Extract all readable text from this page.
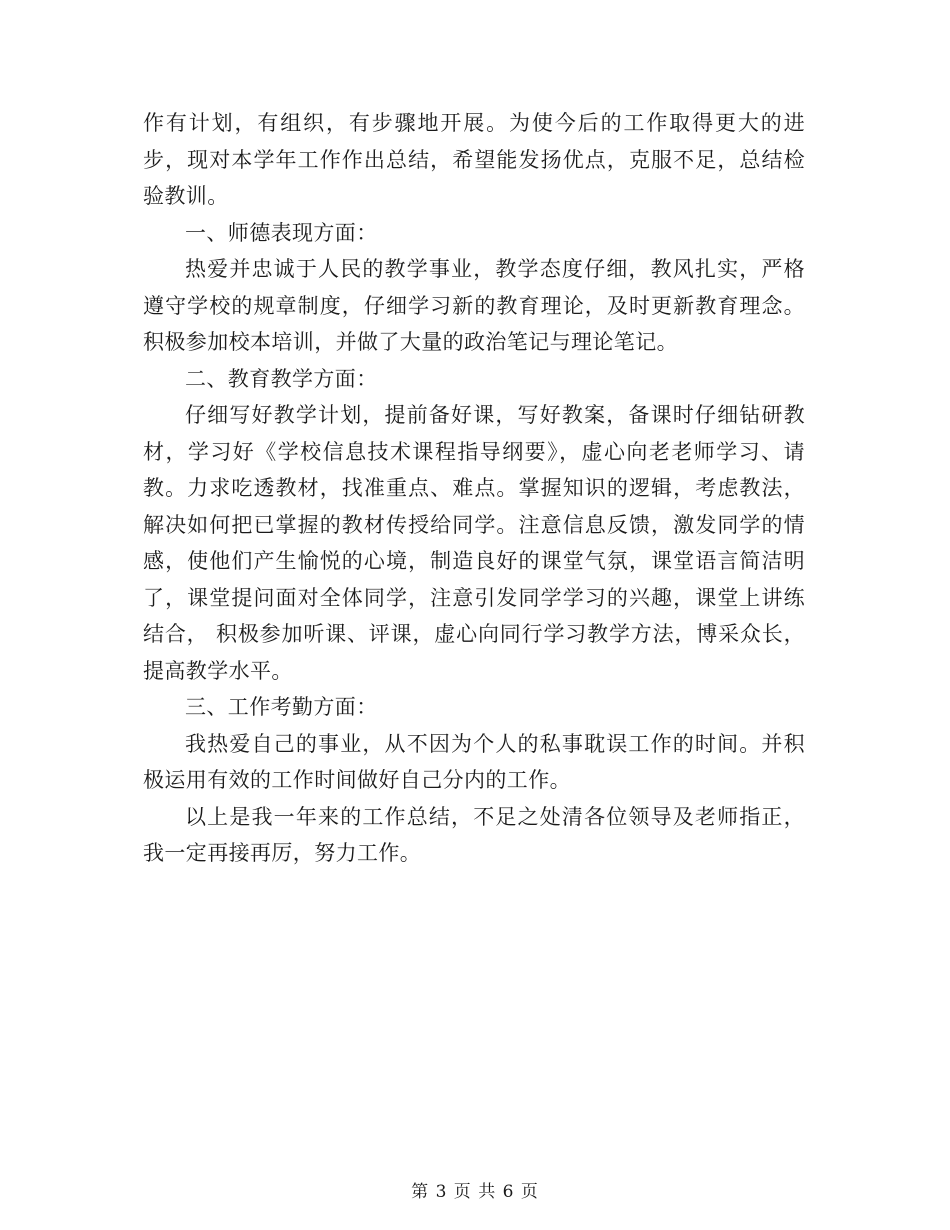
作有计划，有组织，有步骤地开展。为使今后的工作取得更大的进步，现对本学年工作作出总结，希望能发扬优点，克服不足，总结检验教训。

一、师德表现方面：

热爱并忠诚于人民的教学事业，教学态度仔细，教风扎实，严格遵守学校的规章制度，仔细学习新的教育理论，及时更新教育理念。积极参加校本培训，并做了大量的政治笔记与理论笔记。

二、教育教学方面：

仔细写好教学计划，提前备好课，写好教案，备课时仔细钻研教材，学习好《学校信息技术课程指导纲要》，虚心向老老师学习、请教。力求吃透教材，找准重点、难点。掌握知识的逻辑，考虑教法，解决如何把已掌握的教材传授给同学。注意信息反馈，激发同学的情感，使他们产生愉悦的心境，制造良好的课堂气氛，课堂语言简洁明了，课堂提问面对全体同学，注意引发同学学习的兴趣，课堂上讲练结合， 积极参加听课、评课，虚心向同行学习教学方法，博采众长，提高教学水平。

三、工作考勤方面：

我热爱自己的事业，从不因为个人的私事耽误工作的时间。并积极运用有效的工作时间做好自己分内的工作。

以上是我一年来的工作总结，不足之处清各位领导及老师指正，我一定再接再厉，努力工作。

第 3 页 共 6 页
